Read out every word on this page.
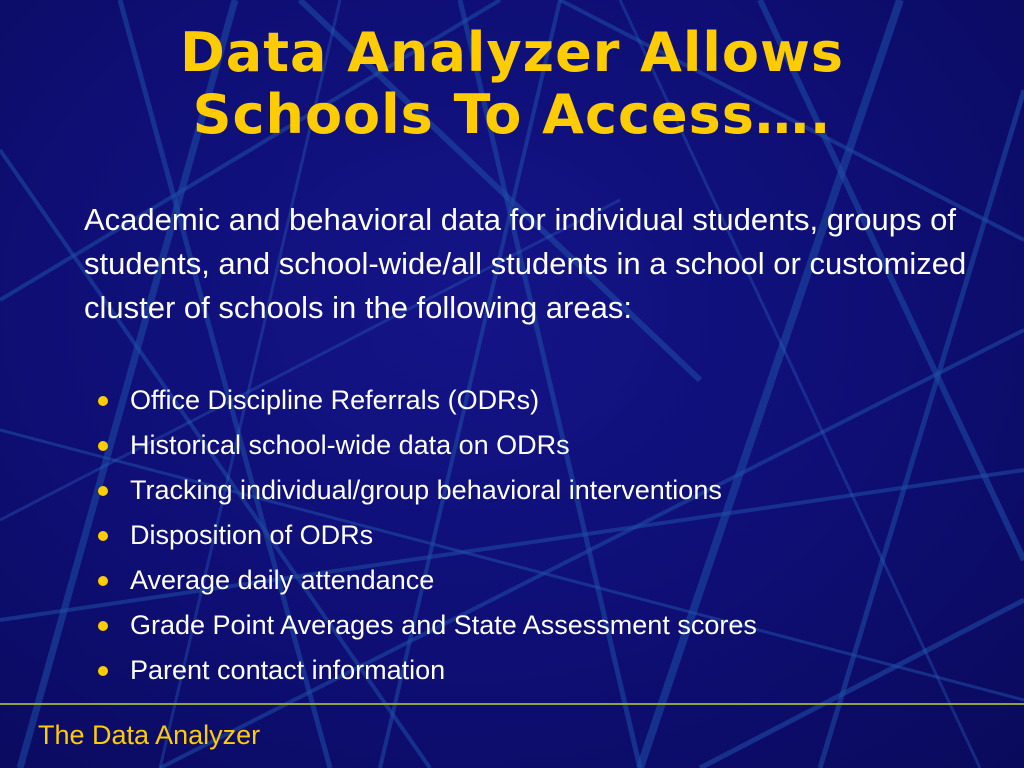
Data Analyzer Allows
Schools To Access….

Academic and behavioral data for individual students, groups of students, and school-wide/all students in a school or customized cluster of schools in the following areas:

Office Discipline Referrals (ODRs)
Historical school-wide data on ODRs
Tracking individual/group behavioral interventions
Disposition of ODRs
Average daily attendance
Grade Point Averages and State Assessment scores
Parent contact information
The Data Analyzer
